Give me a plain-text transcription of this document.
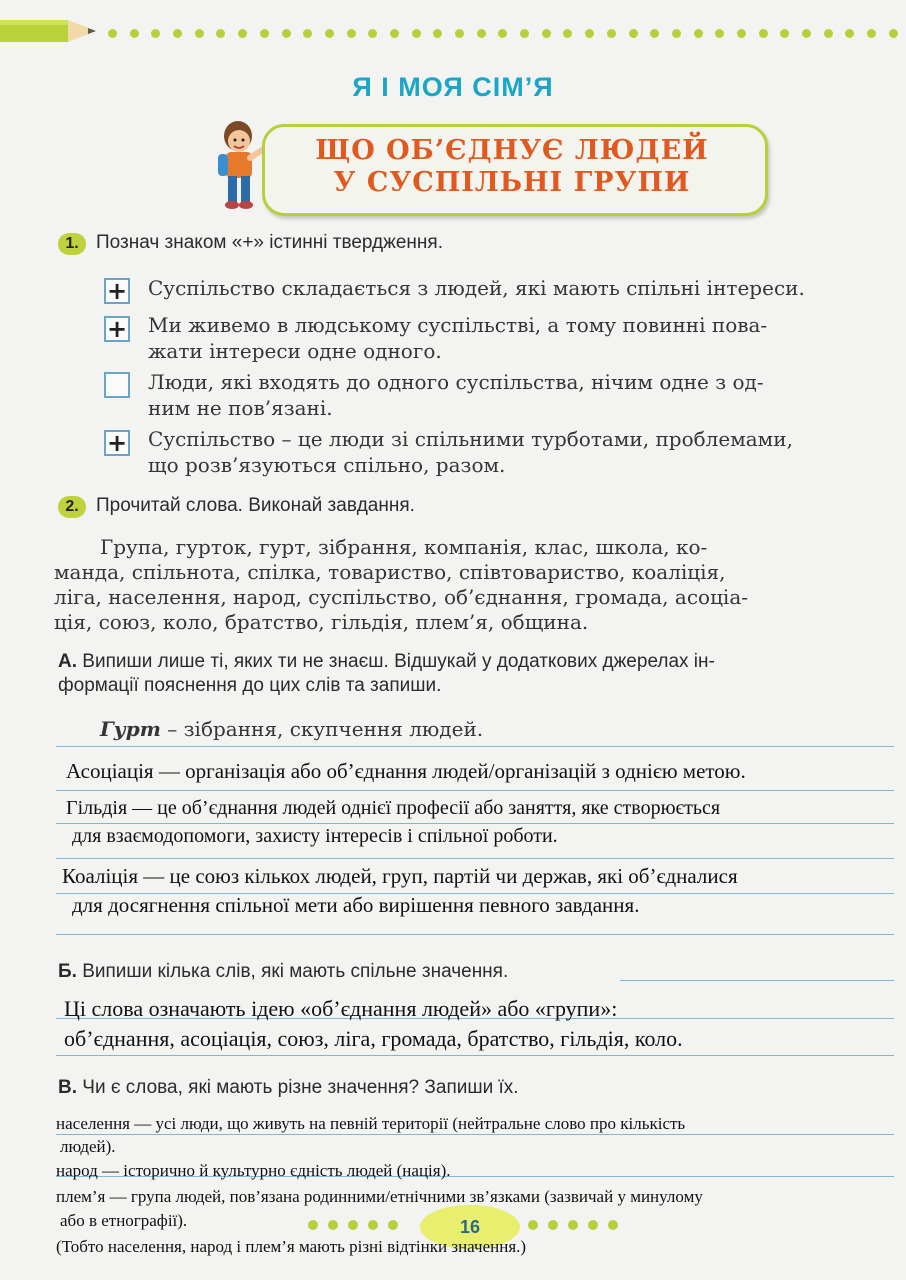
Я І МОЯ СІМ’Я
ЩО ОБ’ЄДНУЄ ЛЮДЕЙ
У СУСПІЛЬНІ ГРУПИ
1. Познач знаком «+» істинні твердження.
+ Суспільство складається з людей, які мають спільні інтереси.
+ Ми живемо в людському суспільстві, а тому повинні пова-
жати інтереси одне одного.
Люди, які входять до одного суспільства, нічим одне з од-
ним не пов’язані.
+ Суспільство – це люди зі спільними турботами, проблемами,
що розв’язуються спільно, разом.
2. Прочитай слова. Виконай завдання.
Група, гурток, гурт, зібрання, компанія, клас, школа, ко-
манда, спільнота, спілка, товариство, співтовариство, коаліція,
ліга, населення, народ, суспільство, об’єднання, громада, асоціа-
ція, союз, коло, братство, гільдія, плем’я, община.
А. Випиши лише ті, яких ти не знаєш. Відшукай у додаткових джерелах ін-
формації пояснення до цих слів та запиши.
Гурт – зібрання, скупчення людей.
Асоціація — організація або об’єднання людей/організацій з однією метою.
Гільдія — це об’єднання людей однієї професії або заняття, яке створюється
для взаємодопомоги, захисту інтересів і спільної роботи.
Коаліція — це союз кількох людей, груп, партій чи держав, які об’єдналися
для досягнення спільної мети або вирішення певного завдання.
Б. Випиши кілька слів, які мають спільне значення.
Ці слова означають ідею «об’єднання людей» або «групи»:
об’єднання, асоціація, союз, ліга, громада, братство, гільдія, коло.
В. Чи є слова, які мають різне значення? Запиши їх.
16
населення — усі люди, що живуть на певній території (нейтральне слово про кількість
людей).
народ — історично й культурно єдність людей (нація).
плем’я — група людей, пов’язана родинними/етнічними зв’язками (зазвичай у минулому
або в етнографії).
(Тобто населення, народ і плем’я мають різні відтінки значення.)
